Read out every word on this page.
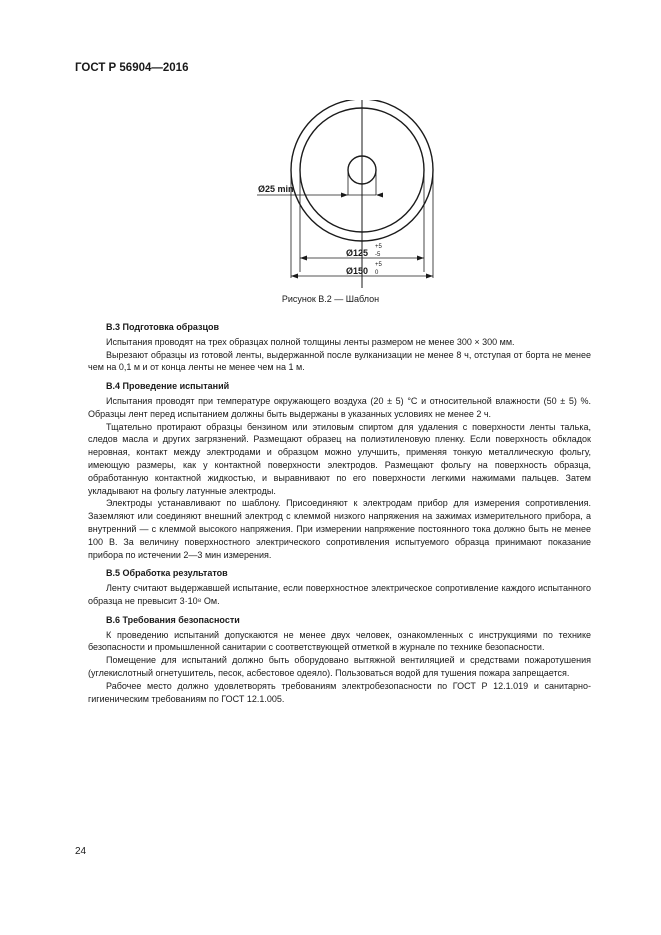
ГОСТ Р 56904—2016

Ø25 min
Ø125
+5
-5
Ø150
+5
0

Рисунок В.2 — Шаблон

В.3 Подготовка образцов

Испытания проводят на трех образцах полной толщины ленты размером не менее 300 × 300 мм.

Вырезают образцы из готовой ленты, выдержанной после вулканизации не менее 8 ч, отступая от борта не менее чем на 0,1 м и от конца ленты не менее чем на 1 м.

В.4 Проведение испытаний

Испытания проводят при температуре окружающего воздуха (20 ± 5) °С и относительной влажности (50 ± 5) %. Образцы лент перед испытанием должны быть выдержаны в указанных условиях не менее 2 ч.

Тщательно протирают образцы бензином или этиловым спиртом для удаления с поверхности ленты талька, следов масла и других загрязнений. Размещают образец на полиэтиленовую пленку. Если поверхность обкладок неровная, контакт между электродами и образцом можно улучшить, применяя тонкую металлическую фольгу, имеющую размеры, как у контактной поверхности электродов. Размещают фольгу на поверхность образца, обработанную контактной жидкостью, и выравнивают по его поверхности легкими нажимами пальцев. Затем укладывают на фольгу латунные электроды.

Электроды устанавливают по шаблону. Присоединяют к электродам прибор для измерения сопротивления. Заземляют или соединяют внешний электрод с клеммой низкого напряжения на зажимах измерительного прибора, а внутренний — с клеммой высокого напряжения. При измерении напряжение постоянного тока должно быть не менее 100 В. За величину поверхностного электрического сопротивления испытуемого образца принимают показание прибора по истечении 2—3 мин измерения.

В.5 Обработка результатов

Ленту считают выдержавшей испытание, если поверхностное электрическое сопротивление каждого испытанного образца не превысит 3·10⁸ Ом.

В.6 Требования безопасности

К проведению испытаний допускаются не менее двух человек, ознакомленных с инструкциями по технике безопасности и промышленной санитарии с соответствующей отметкой в журнале по технике безопасности.

Помещение для испытаний должно быть оборудовано вытяжной вентиляцией и средствами пожаротушения (углекислотный огнетушитель, песок, асбестовое одеяло). Пользоваться водой для тушения пожара запрещается.

Рабочее место должно удовлетворять требованиям электробезопасности по ГОСТ Р 12.1.019 и санитарно-гигиеническим требованиям по ГОСТ 12.1.005.

24
